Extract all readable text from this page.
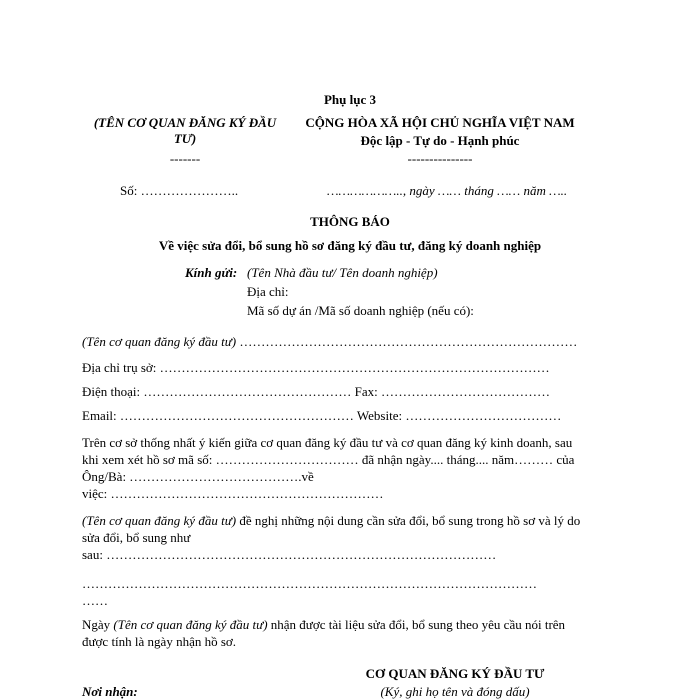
Phụ lục 3
(TÊN CƠ QUAN ĐĂNG KÝ ĐẦU
TƯ)
-------
CỘNG HÒA XÃ HỘI CHỦ NGHĨA VIỆT NAM
Độc lập - Tự do - Hạnh phúc
---------------
Số: …………………..	……………….., ngày …… tháng …… năm …..
THÔNG BÁO
Về việc sửa đổi, bổ sung hồ sơ đăng ký đầu tư, đăng ký doanh nghiệp
Kính gửi: (Tên Nhà đầu tư/ Tên doanh nghiệp)
Địa chỉ:
Mã số dự án /Mã số doanh nghiệp (nếu có):
(Tên cơ quan đăng ký đầu tư) ……………………………………………………………………
Địa chỉ trụ sở: ………………………………………………………………………………
Điện thoại: ………………………………………… Fax: …………………………………
Email: ……………………………………………… Website: ………………………………
Trên cơ sở thống nhất ý kiến giữa cơ quan đăng ký đầu tư và cơ quan đăng ký kinh doanh, sau
khi xem xét hồ sơ mã số: …………………………… đã nhận ngày.... tháng.... năm……… của
Ông/Bà: ………………………………….về
việc: ………………………………………………………
(Tên cơ quan đăng ký đầu tư) đề nghị những nội dung cần sửa đổi, bổ sung trong hồ sơ và lý do
sửa đổi, bổ sung như
sau: ………………………………………………………………………………
……………………………………………………………………………………………
……
Ngày (Tên cơ quan đăng ký đầu tư) nhận được tài liệu sửa đổi, bổ sung theo yêu cầu nói trên
được tính là ngày nhận hồ sơ.
CƠ QUAN ĐĂNG KÝ ĐẦU TƯ
Nơi nhận:	(Ký, ghi họ tên và đóng dấu)
